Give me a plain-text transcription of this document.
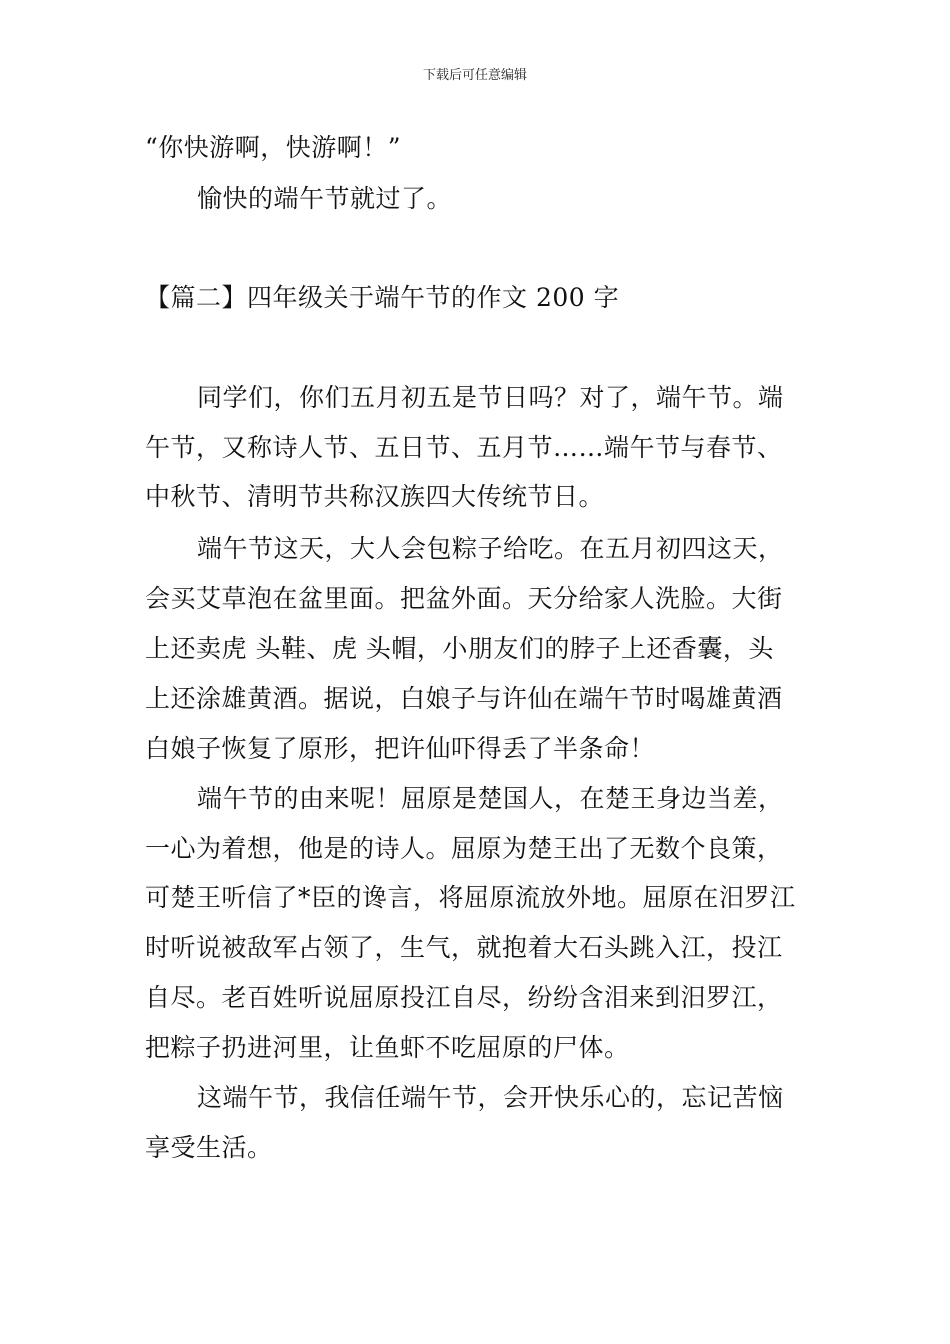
下载后可任意编辑
“你快游啊，快游啊！”
愉快的端午节就过了。
【篇二】四年级关于端午节的作文 200 字
同学们，你们五月初五是节日吗？对了，端午节。端
午节，又称诗人节、五日节、五月节……端午节与春节、
中秋节、清明节共称汉族四大传统节日。
端午节这天，大人会包粽子给吃。在五月初四这天，
会买艾草泡在盆里面。把盆外面。天分给家人洗脸。大街
上还卖虎 头鞋、虎 头帽，小朋友们的脖子上还香囊，头
上还涂雄黄酒。据说，白娘子与许仙在端午节时喝雄黄酒
白娘子恢复了原形，把许仙吓得丢了半条命！
端午节的由来呢！屈原是楚国人，在楚王身边当差，
一心为着想，他是的诗人。屈原为楚王出了无数个良策，
可楚王听信了*臣的谗言，将屈原流放外地。屈原在汨罗江
时听说被敌军占领了，生气，就抱着大石头跳入江，投江
自尽。老百姓听说屈原投江自尽，纷纷含泪来到汨罗江，
把粽子扔进河里，让鱼虾不吃屈原的尸体。
这端午节，我信任端午节，会开快乐心的，忘记苦恼
享受生活。
